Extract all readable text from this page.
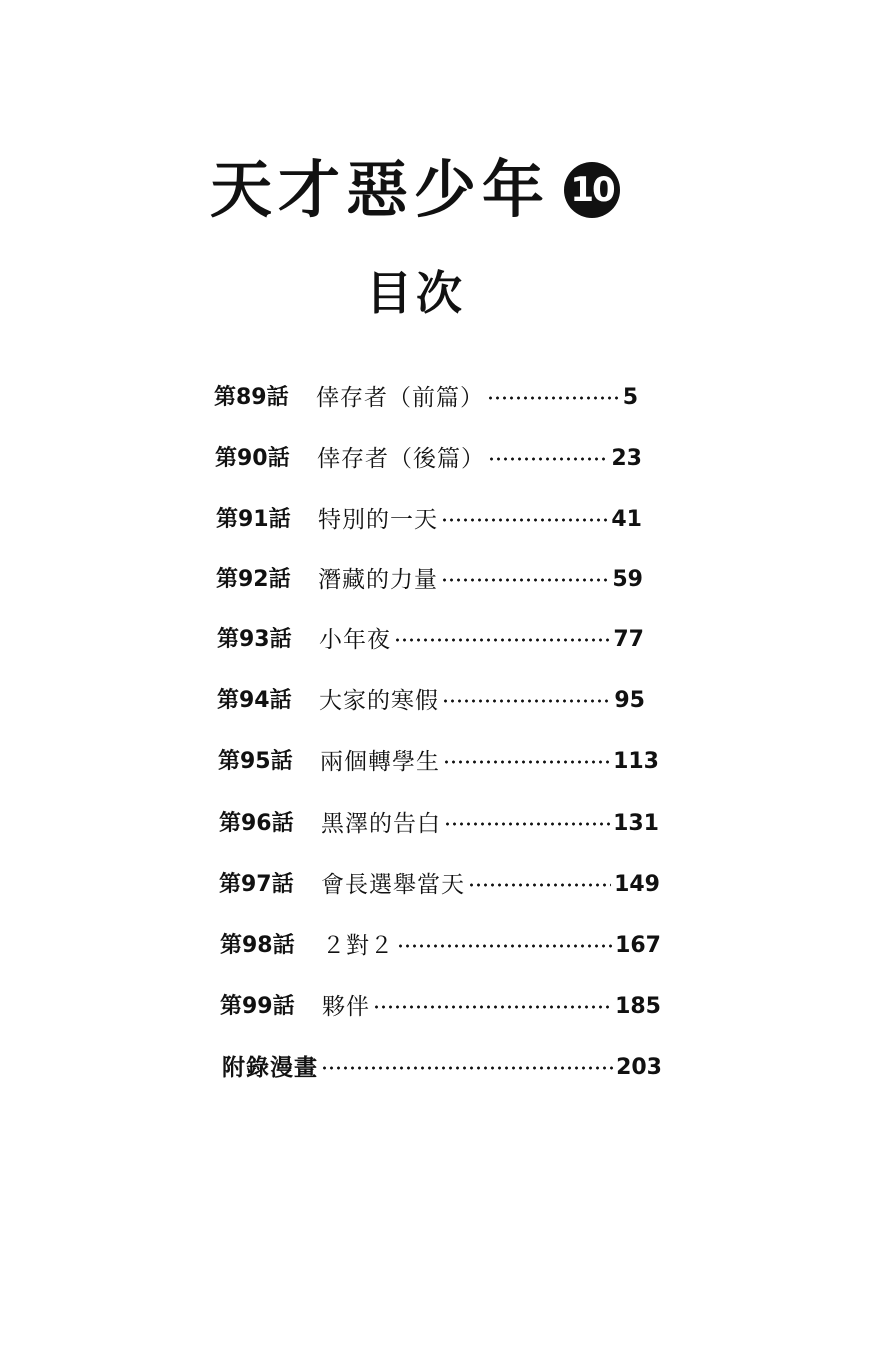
天才惡少年 10
目次
第89話	倖存者（前篇）	5
第90話	倖存者（後篇）	23
第91話	特別的一天	41
第92話	潛藏的力量	59
第93話	小年夜	77
第94話	大家的寒假	95
第95話	兩個轉學生	113
第96話	黑澤的告白	131
第97話	會長選舉當天	149
第98話	２對２	167
第99話	夥伴	185
附錄漫畫	203
